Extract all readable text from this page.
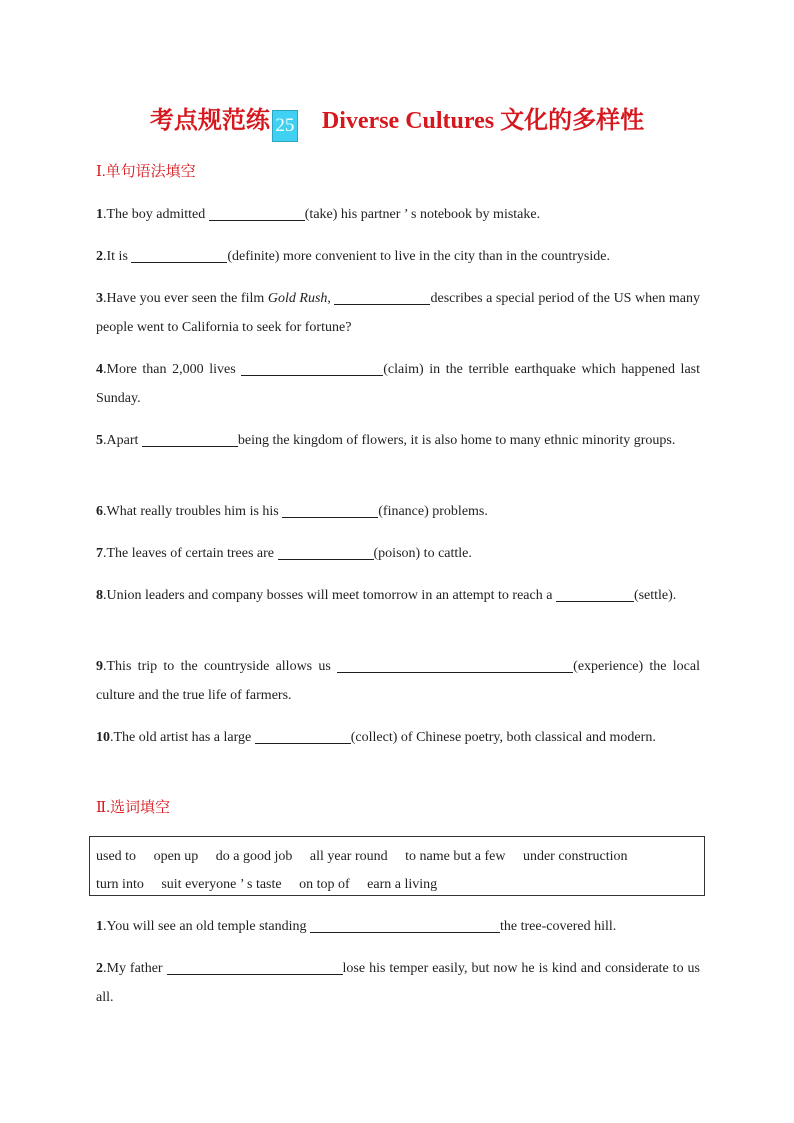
考点规范练 25 Diverse Cultures 文化的多样性
Ⅰ.单句语法填空
1.The boy admitted	(take) his partner ’ s notebook by mistake.
2.It is	(definite) more convenient to live in the city than in the countryside.
3.Have you ever seen the film Gold Rush,	describes a special period of the US when many people went to California to seek for fortune?
4.More than 2,000 lives	(claim) in the terrible earthquake which happened last Sunday.
5.Apart	being the kingdom of flowers, it is also home to many ethnic minority groups.
6.What really troubles him is his	(finance) problems.
7.The leaves of certain trees are	(poison) to cattle.
8.Union leaders and company bosses will meet tomorrow in an attempt to reach a	(settle).
9.This trip to the countryside allows us	(experience) the local culture and the true life of farmers.
10.The old artist has a large	(collect) of Chinese poetry, both classical and modern.
Ⅱ.选词填空
used to open up do a good job all year round to name but a few under construction
turn into suit everyone ’ s taste on top of earn a living
1.You will see an old temple standing	the tree-covered hill.
2.My father	lose his temper easily, but now he is kind and considerate to us all.
